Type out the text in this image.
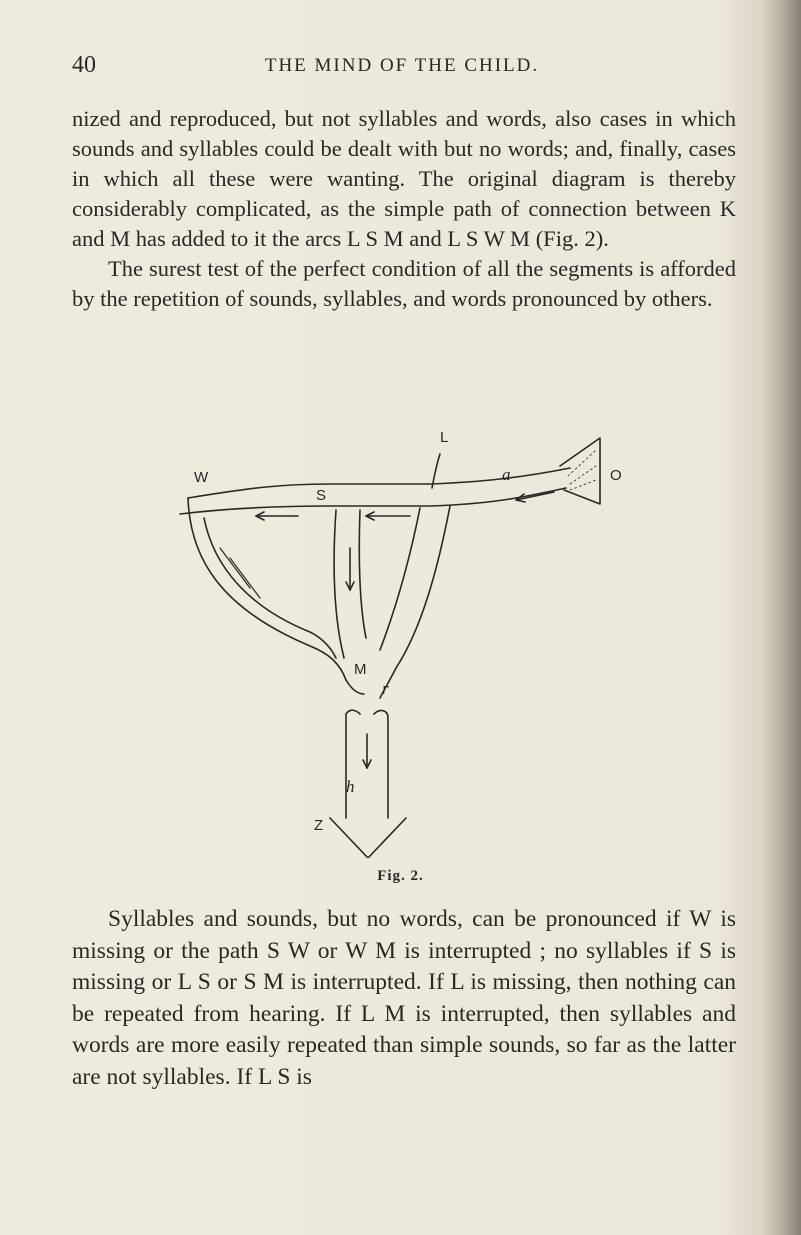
40	THE MIND OF THE CHILD.

nized and reproduced, but not syllables and words, also cases in which sounds and syllables could be dealt with but no words; and, finally, cases in which all these were wanting. The original diagram is thereby considerably complicated, as the simple path of connection between K and M has added to it the arcs L S M and L S W M (Fig. 2).

The surest test of the perfect condition of all the segments is afforded by the repetition of sounds, syllables, and words pronounced by others.

W
S
L
O
a
M
r
h
Z
Fig. 2.

Syllables and sounds, but no words, can be pronounced if W is missing or the path S W or W M is interrupted ; no syllables if S is missing or L S or S M is interrupted. If L is missing, then nothing can be repeated from hearing. If L M is interrupted, then syllables and words are more easily repeated than simple sounds, so far as the latter are not syllables. If L S is
